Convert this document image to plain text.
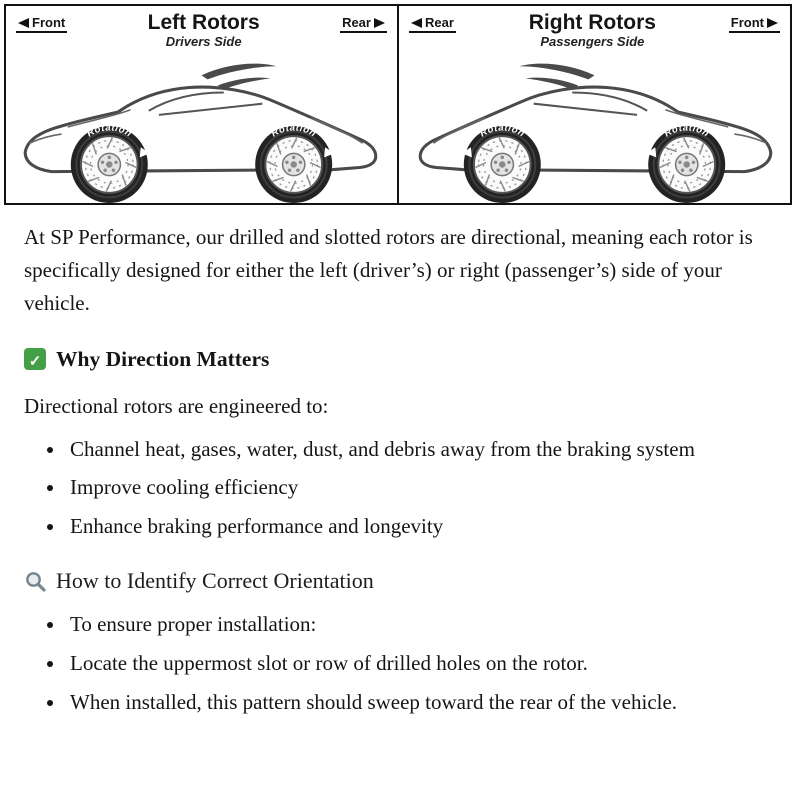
Front	Left Rotors
Drivers Side
Rear
Rotation	Rotation
Rear	Right Rotors
Passengers Side
Front
Rotation	Rotation

At SP Performance, our drilled and slotted rotors are directional, meaning each rotor is specifically designed for either the left (driver’s) or right (passenger’s) side of your vehicle.

✓
Why Direction Matters

Directional rotors are engineered to:

• Channel heat, gases, water, dust, and debris away from the braking system
• Improve cooling efficiency
• Enhance braking performance and longevity
How to Identify Correct Orientation
• To ensure proper installation:
• Locate the uppermost slot or row of drilled holes on the rotor.
• When installed, this pattern should sweep toward the rear of the vehicle.
